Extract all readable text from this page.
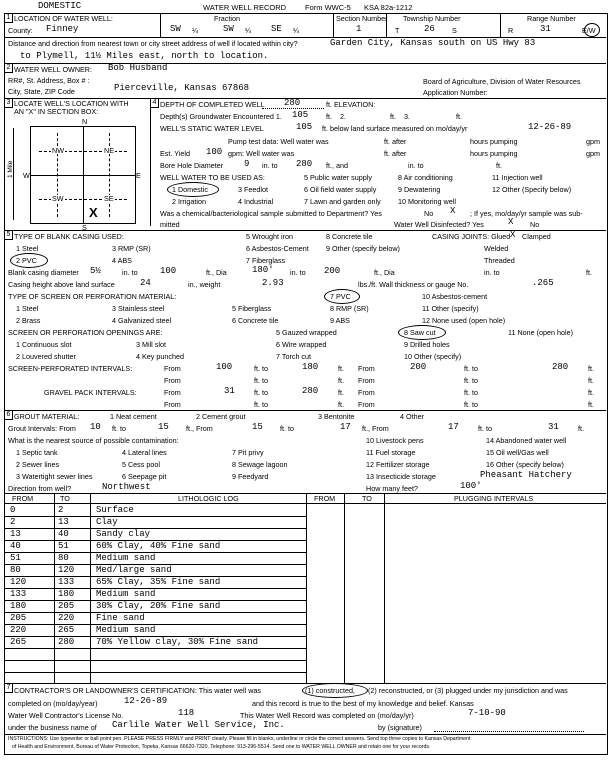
DOMESTIC	WATER WELL RECORD	Form WWC-5 KSA 82a-1212
1 LOCATION OF WATER WELL:
County: Finney
Fraction
SW ¼	SW ¼ SE ¼
Section Number
1
Township Number
T	26 S
Range Number
R	31	E/W
Distance and direction from nearest town or city street address of well if located within city?	Garden City, Kansas south on US Hwy 83
to Plymell, 11½ Miles east, north to location.
2 WATER WELL OWNER: Bob Husband
RR#, St. Address, Box # :
City, State, ZIP Code	Pierceville, Kansas 67868
Board of Agriculture, Division of Water Resources
Application Number:
3 LOCATE WELL'S LOCATION WITH
AN "X" IN SECTION BOX:
NW	NE
SW	SE
X
N
S
W	E
1 Mile
4 DEPTH OF COMPLETED WELL 280	ft. ELEVATION:
Depth(s) Groundwater Encountered 1. 105 ft. 2.	ft. 3.	ft.
WELL'S STATIC WATER LEVEL	105 ft. below land surface measured on mo/day/yr	12-26-89
Pump test data: Well water was	ft. after	hours pumping	gpm
Est. Yield 100 gpm: Well water was	ft. after	hours pumping	gpm
Bore Hole Diameter 9 in. to 280 ft., and	in. to	ft.
WELL WATER TO BE USED AS:	5 Public water supply	8 Air conditioning	11 Injection well
1 Domestic	3 Feedlot	6 Oil field water supply	9 Dewatering	12 Other (Specify below)
2 Irrigation	4 Industrial	7 Lawn and garden only 10 Monitoring well
Was a chemical/bacteriological sample submitted to Department? Yes	No X ; If yes, mo/day/yr sample was sub-
mitted	Water Well Disinfected? Yes	X No
5 TYPE OF BLANK CASING USED:	5 Wrought iron	8 Concrete tile	CASING JOINTS: Glued X Clamped
1 Steel	3 RMP (SR)	6 Asbestos-Cement 9 Other (specify below)	Welded
2 PVC	4 ABS	7 Fiberglass	Threaded
Blank casing diameter 5½	in. to 100	ft., Dia	180' in. to 200	ft., Dia	in. to	ft.
Casing height above land surface	24	in., weight	2.93	lbs./ft. Wall thickness or gauge No.	.265
TYPE OF SCREEN OR PERFORATION MATERIAL:	7 PVC	10 Asbestos-cement
1 Steel	3 Stainless steel	5 Fiberglass	8 RMP (SR)	11 Other (specify)
2 Brass	4 Galvanized steel	6 Concrete tile	9 ABS	12 None used (open hole)
SCREEN OR PERFORATION OPENINGS ARE:	5 Gauzed wrapped	8 Saw cut	11 None (open hole)
1 Continuous slot	3 Mill slot	6 Wire wrapped	9 Drilled holes
2 Louvered shutter	4 Key punched	7 Torch cut	10 Other (specify)
SCREEN-PERFORATED INTERVALS:	From	100	ft. to	180	ft. From	200	ft. to	280	ft.
From	ft. to	ft. From	ft. to	ft.
GRAVEL PACK INTERVALS:	From	31	ft. to	280	ft. From	ft. to	ft.
From	ft. to	ft. From	ft. to	ft.
6 GROUT MATERIAL:	1 Neat cement	2 Cement grout	3 Bentonite	4 Other
Grout Intervals: From 10 ft. to	15 ft., From	15 ft. to	17 ft., From	17	ft. to	31	ft.
What is the nearest source of possible contamination:	10 Livestock pens	14 Abandoned water well
1 Septic tank	4 Lateral lines	7 Pit privy	11 Fuel storage	15 Oil well/Gas well
2 Sewer lines	5 Cess pool	8 Sewage lagoon	12 Fertilizer storage	16 Other (specify below)
3 Watertight sewer lines	6 Seepage pit	9 Feedyard	13 Insecticide storage	Pheasant Hatchery
Direction from well?	Northwest	How many feet?	100'
FROM	TO	LITHOLOGIC LOG	FROM	TO	PLUGGING INTERVALS
0	2	Surface
2	13	Clay
13	40	Sandy clay
40	51	60% Clay, 40% Fine sand
51	80	Medium sand
80	120 Med/large sand
120	133 65% Clay, 35% Fine sand
133	180 Medium sand
180	205 30% Clay, 20% Fine sand
205	220 Fine sand
220	265 Medium sand
265	280 70% Yellow clay, 30% Fine sand
7 CONTRACTOR'S OR LANDOWNER'S CERTIFICATION: This water well was	(1) constructed, (2) reconstructed, or (3) plugged under my jurisdiction and was
completed on (mo/day/year)	12-26-89	and this record is true to the best of my knowledge and belief. Kansas
Water Well Contractor's License No.	118	This Water Well Record was completed on (mo/day/yr)	7-10-90
under the business name of Carlile Water Well Service, Inc.	by (signature)
INSTRUCTIONS: Use typewriter or ball point pen. PLEASE PRESS FIRMLY and PRINT clearly. Please fill in blanks, underline or circle the correct answers. Send top three copies to Kansas Department
of Health and Environment, Bureau of Water Protection, Topeka, Kansas 66620-7320. Telephone: 913-296-5514. Send one to WATER WELL OWNER and retain one for your records.
